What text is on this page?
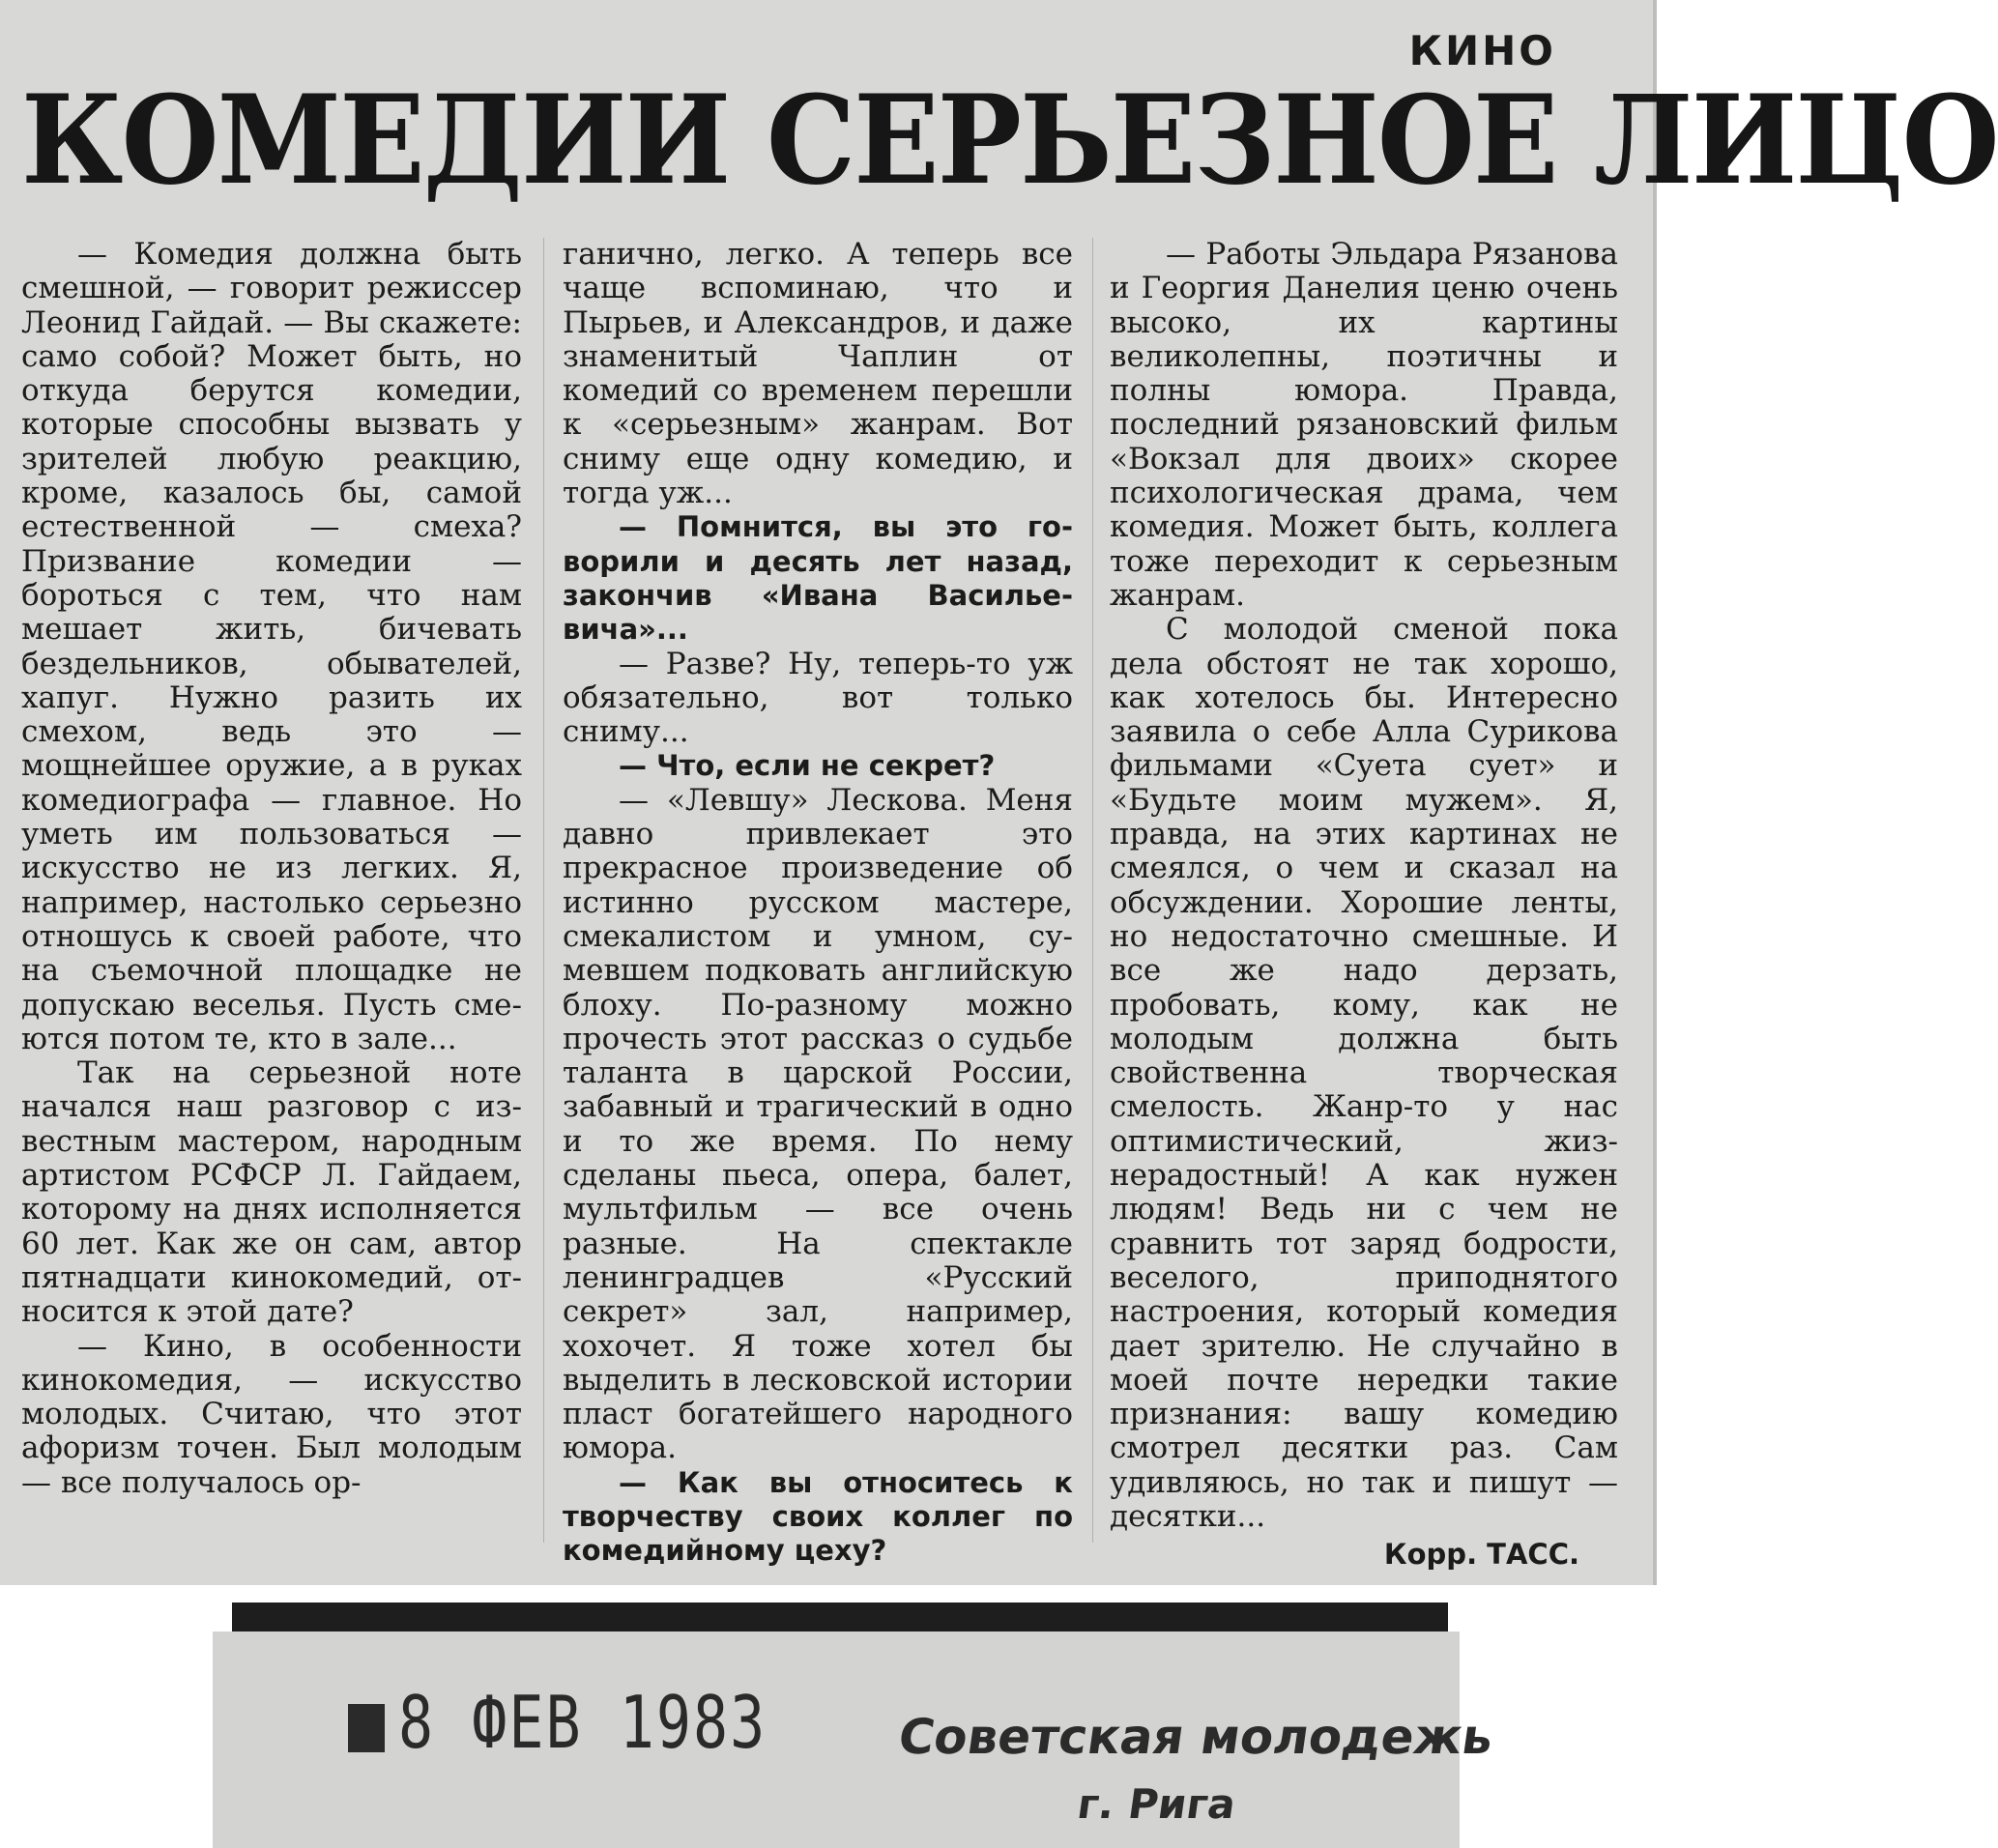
КИНО
КОМЕДИИ СЕРЬЕЗНОЕ ЛИЦО

— Комедия должна быть смешной, — говорит режиссер Леонид Гайдай. — Вы скажете: само собой? Может быть, но откуда берутся комедии, которые способны вызвать у зрителей любую реакцию, кроме, казалось бы, самой естественной — смеха? Призвание комедии — бороться с тем, что нам мешает жить, бичевать бездельников, обывателей, хапуг. Нужно разить их смехом, ведь это — мощнейшее оружие, а в руках комедиографа — главное. Но уметь им пользоваться — искусство не из легких. Я, например, настолько серьезно отношусь к своей работе, что на съемочной площадке не допускаю веселья. Пусть смеются потом те, кто в зале...

Так на серьезной ноте начался наш разговор с известным мастером, народным артистом РСФСР Л. Гайдаем, которому на днях исполняется 60 лет. Как же он сам, автор пятнадцати кинокомедий, относится к этой дате?

— Кино, в особенности кинокомедия, — искусство молодых. Считаю, что этот афоризм точен. Был молодым — все получалось ор-

ганично, легко. А теперь все чаще вспоминаю, что и Пырьев, и Александров, и даже знаменитый Чаплин от комедий со временем перешли к «серьезным» жанрам. Вот сниму еще одну комедию, и тогда уж...

— Помнится, вы это говорили и десять лет назад, закончив «Ивана Васильeвича»...

— Разве? Ну, теперь-то уж обязательно, вот только сниму...

— Что, если не секрет?

— «Левшу» Лескова. Меня давно привлекает это прекрасное произведение об истинно русском мастере, смекалистом и умном, сумевшем подковать английскую блоху. По-разному можно прочесть этот рассказ о судьбе таланта в царской России, забавный и трагический в одно и то же время. По нему сделаны пьеса, опера, балет, мультфильм — все очень разные. На спектакле ленинградцев «Русский секрет» зал, например, хохочет. Я тоже хотел бы выделить в лесковской истории пласт богатейшего народного юмора.

— Как вы относитесь к творчеству своих коллег по комедийному цеху?

— Работы Эльдара Рязанова и Георгия Данелия ценю очень высоко, их картины великолепны, поэтичны и полны юмора. Правда, последний рязановский фильм «Вокзал для двоих» скорее психологическая драма, чем комедия. Может быть, коллега тоже переходит к серьезным жанрам.

С молодой сменой пока дела обстоят не так хорошо, как хотелось бы. Интересно заявила о себе Алла Сурикова фильмами «Суета сует» и «Будьте моим мужем». Я, правда, на этих картинах не смеялся, о чем и сказал на обсуждении. Хорошие ленты, но недостаточно смешные. И все же надо дерзать, пробовать, кому, как не молодым должна быть свойственна творческая смелость. Жанр-то у нас оптимистический, жизнерадостный! А как нужен людям! Ведь ни с чем не сравнить тот заряд бодрости, веселого, приподнятого настроения, который комедия дает зрителю. Не случайно в моей почте нередки такие признания: вашу комедию смотрел десятки раз. Сам удивляюсь, но так и пишут — десятки...

Корр. ТАСС.
8 ФЕВ 1983	Советская молодежь
г. Рига
